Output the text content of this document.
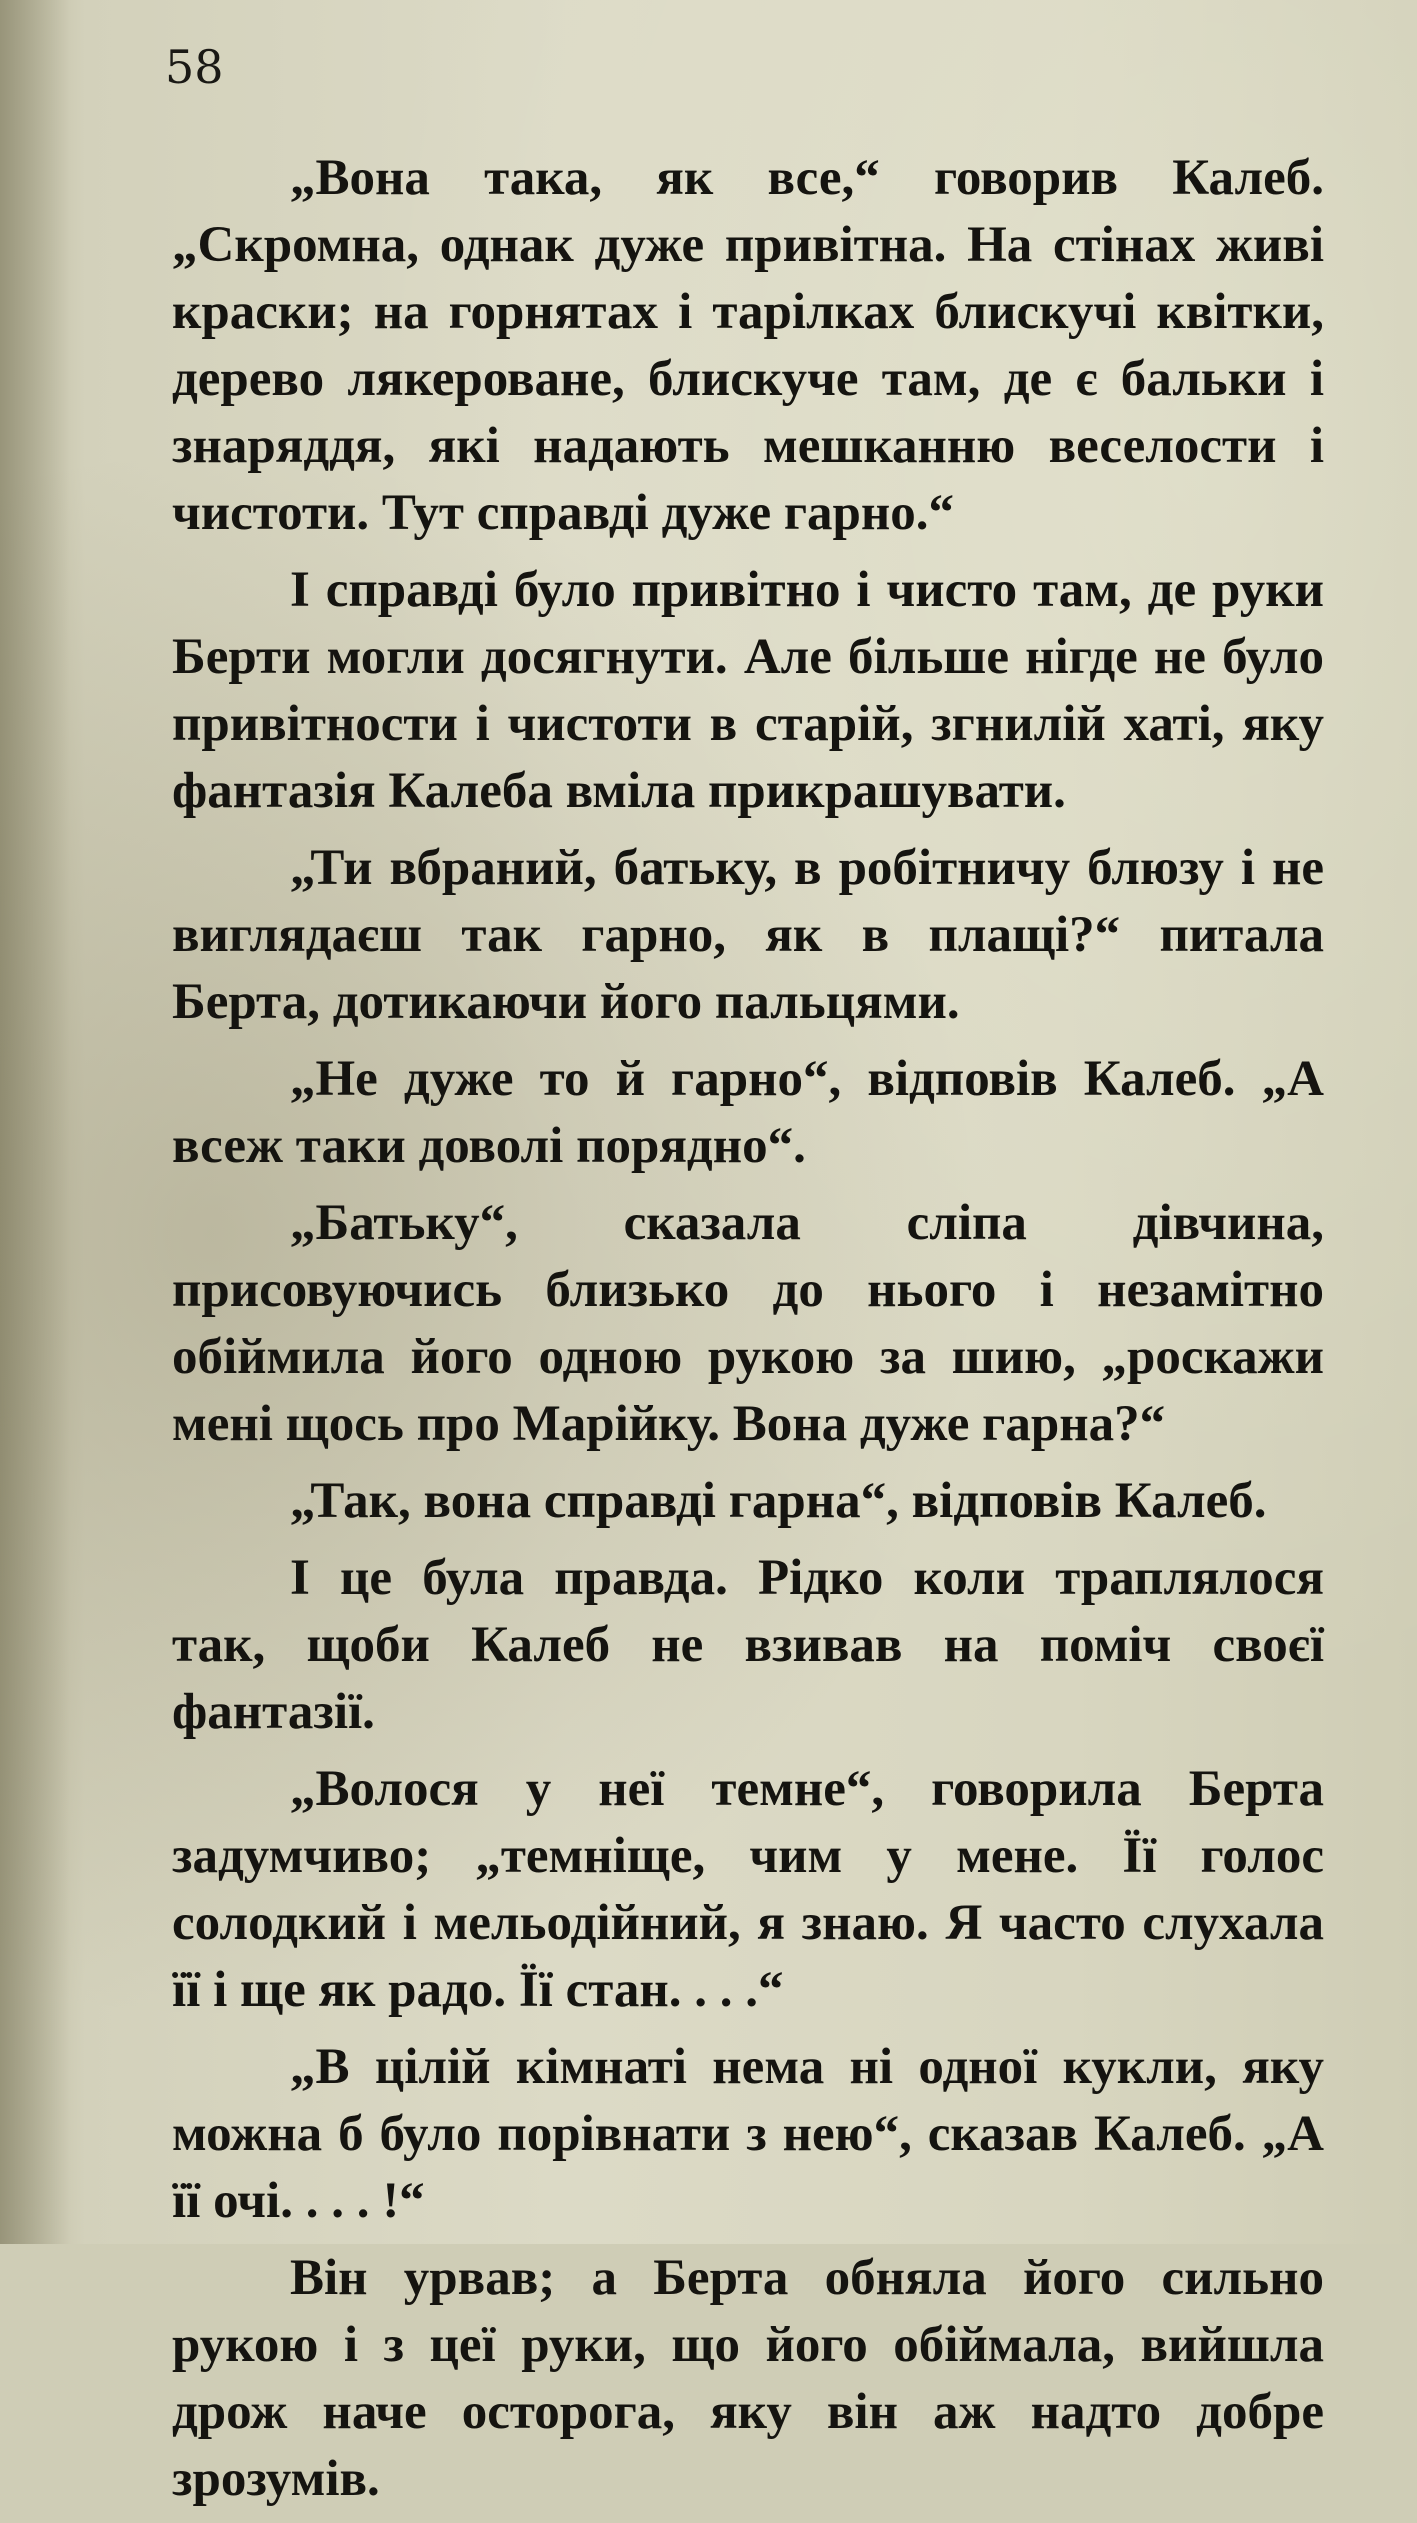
58

„Вона така, як все,“ говорив Калеб. „Скромна, однак дуже привітна. На стінах живі краски; на горнятах і тарілках блискучі квітки, дерево лякероване, блискуче там, де є бальки і знаряддя, які надають мешканню веселости і чистоти. Тут справді дуже гарно.“

І справді було привітно і чисто там, де руки Берти могли досягнути. Але більше нігде не було привітности і чистоти в старій, згнилій хаті, яку фантазія Калеба вміла прикрашувати.

„Ти вбраний, батьку, в робітничу блюзу і не виглядаєш так гарно, як в плащі?“ питала Берта, дотикаючи його пальцями.

„Не дуже то й гарно“, відповів Калеб. „А всеж таки доволі порядно“.

„Батьку“, сказала сліпа дівчина, присовуючись близько до нього і незамітно обіймила його одною рукою за шию, „роскажи мені щось про Марійку. Вона дуже гарна?“

„Так, вона справді гарна“, відповів Калеб.

І це була правда. Рідко коли траплялося так, щоби Калеб не взивав на поміч своєї фантазії.

„Волося у неї темне“, говорила Берта задумчиво; „темніще, чим у мене. Її голос солодкий і мельодійний, я знаю. Я часто слухала її і ще як радо. Її стан. . . .“

„В цілій кімнаті нема ні одної кукли, яку можна б було порівнати з нею“, сказав Калеб. „А її очі. . . . !“

Він урвав; а Берта обняла його сильно рукою і з цеї руки, що його обіймала, вийшла дрож наче осторога, яку він аж надто добре зрозумів.
